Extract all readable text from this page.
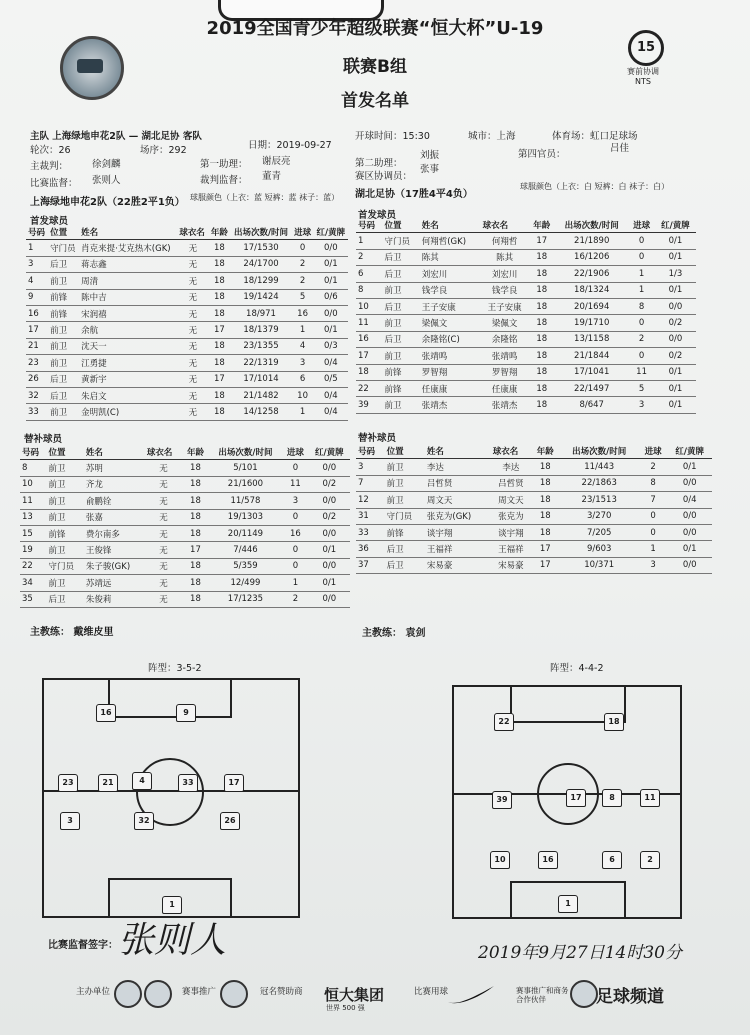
15
赛前协调 NTS
2019全国青少年超级联赛“恒大杯”U-19
联赛B组
首发名单
主队 上海绿地申花2队 — 湖北足协 客队	开球时间：15:30	城市：上海	体育场：虹口足球场
轮次：26	场序：292	日期：2019-09-27
主裁判：	徐剑麟	第一助理： 谢辰亮	第二助理：
刘振	第四官员：
吕佳
比赛监督： 张则人	裁判监督： 董青	赛区协调员：
张事
上海绿地申花2队（22胜2平1负） 球服颜色（上衣：蓝 短裤：蓝 袜子：蓝） 湖北足协（17胜4平4负）
球服颜色（上衣：白 短裤：白 袜子：白）
首发球员
首发球员
号码	位置	姓名	球衣名	年龄	出场次数/时间	进球	红/黄牌
1	守门员	肖克来提·艾克热木(GK)	无	18	17/1530	0	0/0
3	后卫	蒋志鑫	无	18	24/1700	2	0/1
4	前卫	周清	无	18	18/1299	2	0/1
9	前锋	陈中吉	无	18	19/1424	5	0/6
16	前锋	宋润禧	无	18	18/971	16	0/0
17	前卫	余航	无	17	18/1379	1	0/1
21	前卫	沈天一	无	18	23/1355	4	0/3
23	前卫	江勇捷	无	18	22/1319	3	0/4
26	后卫	黄新宇	无	17	17/1014	6	0/5
32	后卫	朱启文	无	18	21/1482	10	0/4
33	前卫	金明凯(C)	无	18	14/1258	1	0/4
号码	位置	姓名	球衣名	年龄	出场次数/时间	进球	红/黄牌
1	守门员	何翔哲(GK)	何翔哲	17	21/1890	0	0/1
2	后卫	陈其	陈其	18	16/1206	0	0/1
6	后卫	刘宏川	刘宏川	18	22/1906	1	1/3
8	前卫	钱学良	钱学良	18	18/1324	1	0/1
10	后卫	王子安康	王子安康	18	20/1694	8	0/0
11	前卫	梁佩文	梁佩文	18	19/1710	0	0/2
16	后卫	余隆铭(C)	余隆铭	18	13/1158	2	0/0
17	前卫	张靖鸣	张靖鸣	18	21/1844	0	0/2
18	前锋	罗智翔	罗智翔	18	17/1041	11	0/1
22	前锋	任康康	任康康	18	22/1497	5	0/1
39	前卫	张靖杰	张靖杰	18	8/647	3	0/1
替补球员	替补球员
号码	位置	姓名	球衣名	年龄	出场次数/时间	进球	红/黄牌
8	前卫	苏明	无	18	5/101	0	0/0
10	前卫	齐龙	无	18	21/1600	11	0/2
11	前卫	俞鹏铨	无	18	11/578	3	0/0
13	前卫	张嘉	无	18	19/1303	0	0/2
15	前锋	费尔南多	无	18	20/1149	16	0/0
19	前卫	王俊锋	无	17	7/446	0	0/1
22	守门员	朱子骏(GK)	无	18	5/359	0	0/0
34	前卫	苏靖远	无	18	12/499	1	0/1
35	后卫	朱俊莉	无	18	17/1235	2	0/0
号码	位置	姓名	球衣名	年龄	出场次数/时间	进球	红/黄牌
3	前卫	李达	李达	18	11/443	2	0/1
7	前卫	吕哲贤	吕哲贤	18	22/1863	8	0/0
12	前卫	周文天	周文天	18	23/1513	7	0/4
31	守门员	张克为(GK)	张克为	18	3/270	0	0/0
33	前锋	谈宇翔	谈宇翔	18	7/205	0	0/0
36	后卫	王福祥	王福祥	17	9/603	1	0/1
37	后卫	宋易豪	宋易豪	17	10/371	3	0/0
主教练： 戴维皮里	主教练： 袁剑
阵型：3-5-2	阵型：4-4-2
1
3	32	26
16	9
23	21	4	33	17
1
2
10	6
16
11
17	8
39
18
22
比赛监督签字： 张则人	2019年9月27日14时30分
主办单位	赛事推广	冠名赞助商 恒大集团
世界 500 强
比赛用球	赛事推广和商务合作伙伴	足球频道
